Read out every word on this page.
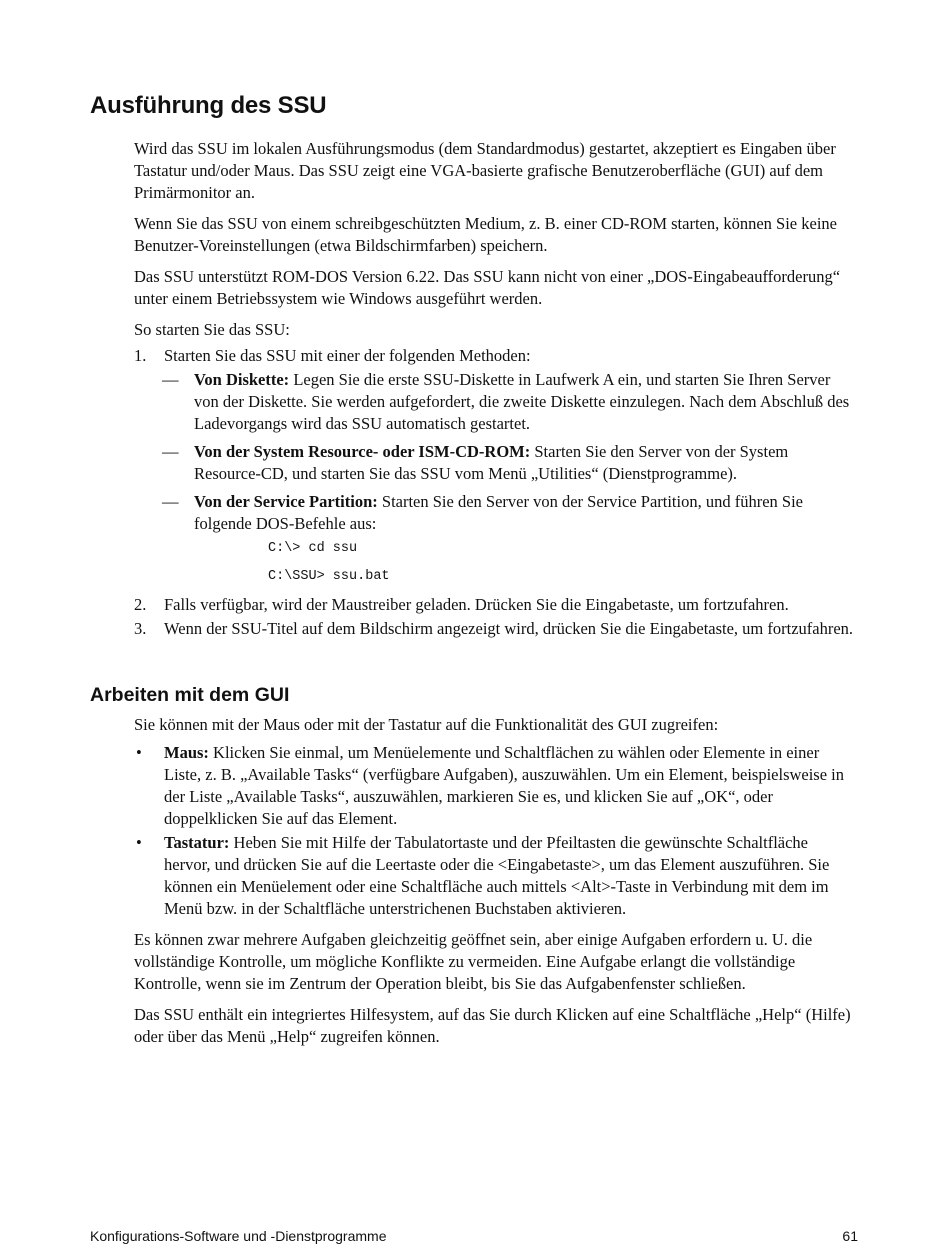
Ausführung des SSU

Wird das SSU im lokalen Ausführungsmodus (dem Standardmodus) gestartet, akzeptiert es Eingaben über Tastatur und/oder Maus. Das SSU zeigt eine VGA-basierte grafische Benutzeroberfläche (GUI) auf dem Primärmonitor an.

Wenn Sie das SSU von einem schreibgeschützten Medium, z. B. einer CD-ROM starten, können Sie keine Benutzer-Voreinstellungen (etwa Bildschirmfarben) speichern.

Das SSU unterstützt ROM-DOS Version 6.22. Das SSU kann nicht von einer „DOS-Eingabeaufforderung“ unter einem Betriebssystem wie Windows ausgeführt werden.

So starten Sie das SSU:

1. Starten Sie das SSU mit einer der folgenden Methoden:
— Von Diskette: Legen Sie die erste SSU-Diskette in Laufwerk A ein, und starten Sie Ihren Server von der Diskette. Sie werden aufgefordert, die zweite Diskette einzulegen. Nach dem Abschluß des Ladevorgangs wird das SSU automatisch gestartet.
— Von der System Resource- oder ISM-CD-ROM: Starten Sie den Server von der System Resource-CD, und starten Sie das SSU vom Menü „Utilities“ (Dienstprogramme).
— Von der Service Partition: Starten Sie den Server von der Service Partition, und führen Sie folgende DOS-Befehle aus:
C:\> cd ssu
C:\SSU> ssu.bat
2. Falls verfügbar, wird der Maustreiber geladen. Drücken Sie die Eingabetaste, um fortzufahren.
3. Wenn der SSU-Titel auf dem Bildschirm angezeigt wird, drücken Sie die Eingabetaste, um fortzufahren.
Arbeiten mit dem GUI

Sie können mit der Maus oder mit der Tastatur auf die Funktionalität des GUI zugreifen:

• Maus: Klicken Sie einmal, um Menüelemente und Schaltflächen zu wählen oder Elemente in einer Liste, z. B. „Available Tasks“ (verfügbare Aufgaben), auszuwählen. Um ein Element, beispielsweise in der Liste „Available Tasks“, auszuwählen, markieren Sie es, und klicken Sie auf „OK“, oder doppelklicken Sie auf das Element.
• Tastatur: Heben Sie mit Hilfe der Tabulatortaste und der Pfeiltasten die gewünschte Schaltfläche hervor, und drücken Sie auf die Leertaste oder die <Eingabetaste>, um das Element auszuführen. Sie können ein Menüelement oder eine Schaltfläche auch mittels <Alt>-Taste in Verbindung mit dem im Menü bzw. in der Schaltfläche unterstrichenen Buchstaben aktivieren.

Es können zwar mehrere Aufgaben gleichzeitig geöffnet sein, aber einige Aufgaben erfordern u. U. die vollständige Kontrolle, um mögliche Konflikte zu vermeiden. Eine Aufgabe erlangt die vollständige Kontrolle, wenn sie im Zentrum der Operation bleibt, bis Sie das Aufgabenfenster schließen.

Das SSU enthält ein integriertes Hilfesystem, auf das Sie durch Klicken auf eine Schaltfläche „Help“ (Hilfe) oder über das Menü „Help“ zugreifen können.

Konfigurations-Software und -Dienstprogramme	61
